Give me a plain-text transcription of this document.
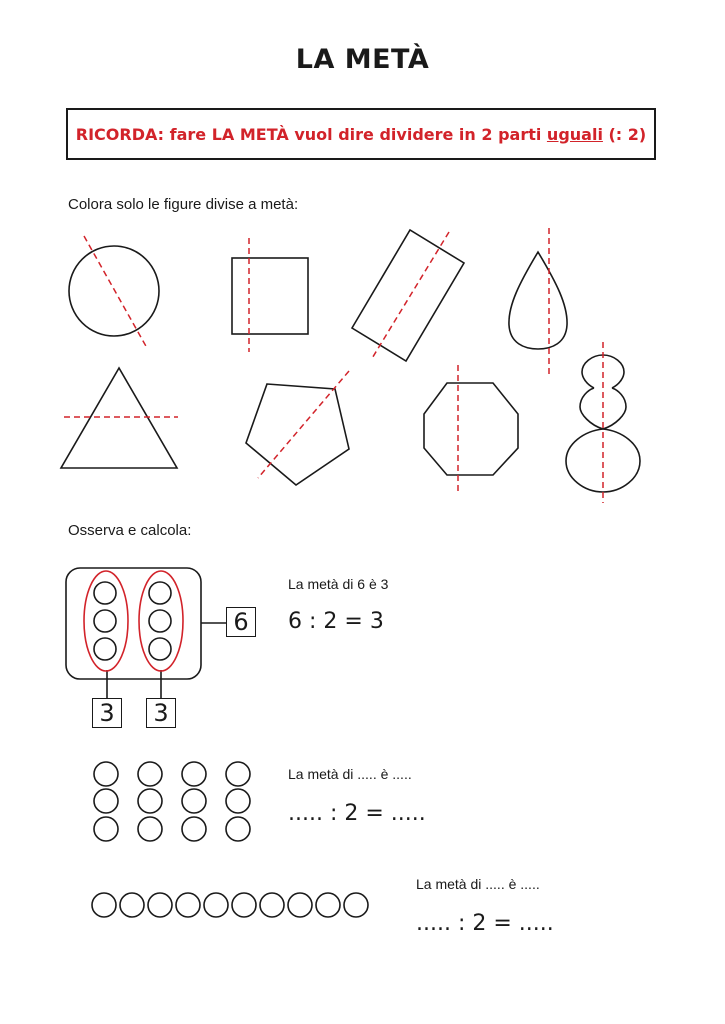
LA METÀ
RICORDA: fare LA METÀ vuol dire dividere in 2 parti uguali (: 2)
Colora solo le figure divise a metà:
Osserva e calcola:
6
3	3
La metà di 6 è 3
6 : 2 = 3
La metà di ..... è .....
..... : 2 = .....
La metà di ..... è .....
..... : 2 = .....
